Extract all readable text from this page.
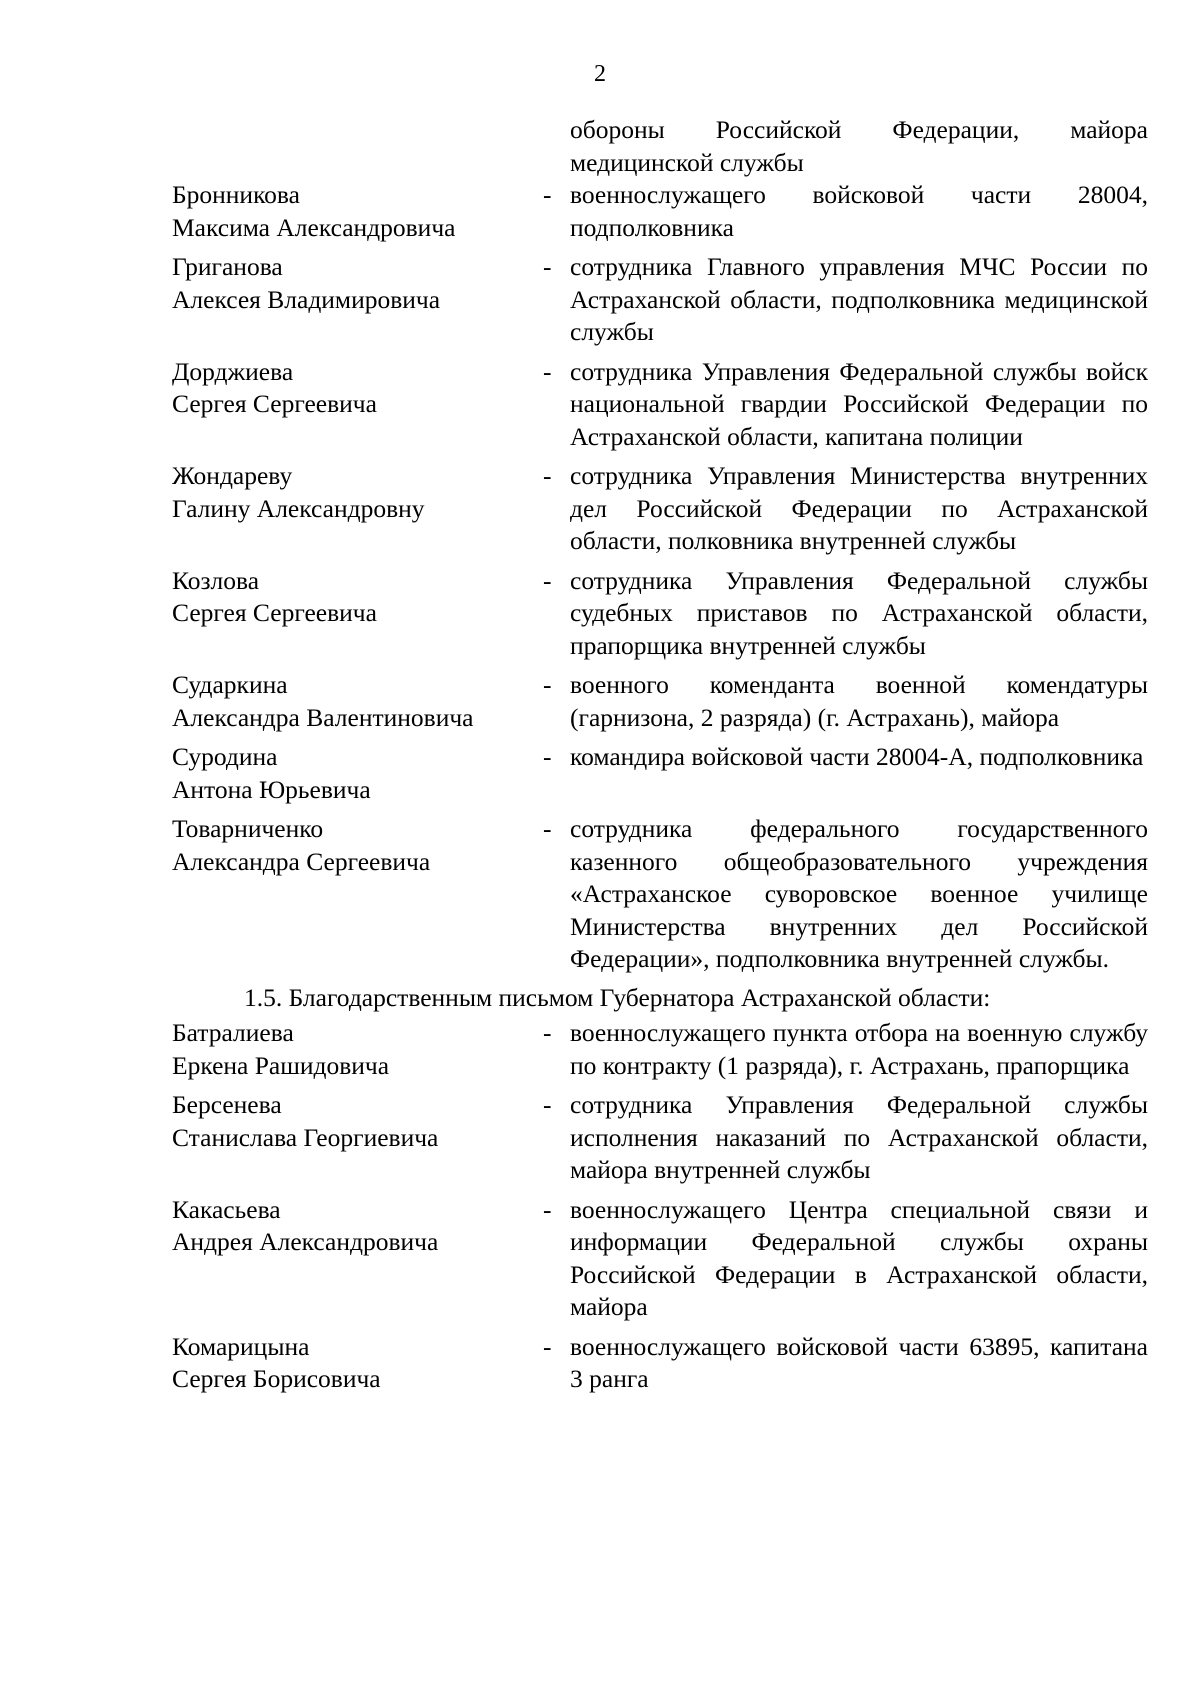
2
обороны Российской Федерации, майора медицинской службы
Бронникова
Максима Александровича
- военнослужащего войсковой части 28004, подполковника
Григанова
Алексея Владимировича
- сотрудника Главного управления МЧС России по Астраханской области, подполковника медицинской службы
Дорджиева
Сергея Сергеевича
- сотрудника Управления Федеральной службы войск национальной гвардии Российской Федерации по Астраханской области, капитана полиции
Жондареву
Галину Александровну
- сотрудника Управления Министерства внутренних дел Российской Федерации по Астраханской области, полковника внутренней службы
Козлова
Сергея Сергеевича
- сотрудника Управления Федеральной службы судебных приставов по Астраханской области, прапорщика внутренней службы
Сударкина
Александра Валентиновича
- военного коменданта военной комендатуры (гарнизона, 2 разряда) (г. Астрахань), майора
Суродина
Антона Юрьевича
- командира войсковой части 28004-А, подполковника
Товарниченко
Александра Сергеевича
- сотрудника федерального государственного казенного общеобразовательного учреждения «Астраханское суворовское военное училище Министерства внутренних дел Российской Федерации», подполковника внутренней службы.
1.5. Благодарственным письмом Губернатора Астраханской области:
Батралиева
Еркена Рашидовича
- военнослужащего пункта отбора на военную службу по контракту (1 разряда), г. Астрахань, прапорщика
Берсенева
Станислава Георгиевича
- сотрудника Управления Федеральной службы исполнения наказаний по Астраханской области, майора внутренней службы
Какасьева
Андрея Александровича
- военнослужащего Центра специальной связи и информации Федеральной службы охраны Российской Федерации в Астраханской области, майора
Комарицына
Сергея Борисовича
- военнослужащего войсковой части 63895, капитана 3 ранга
